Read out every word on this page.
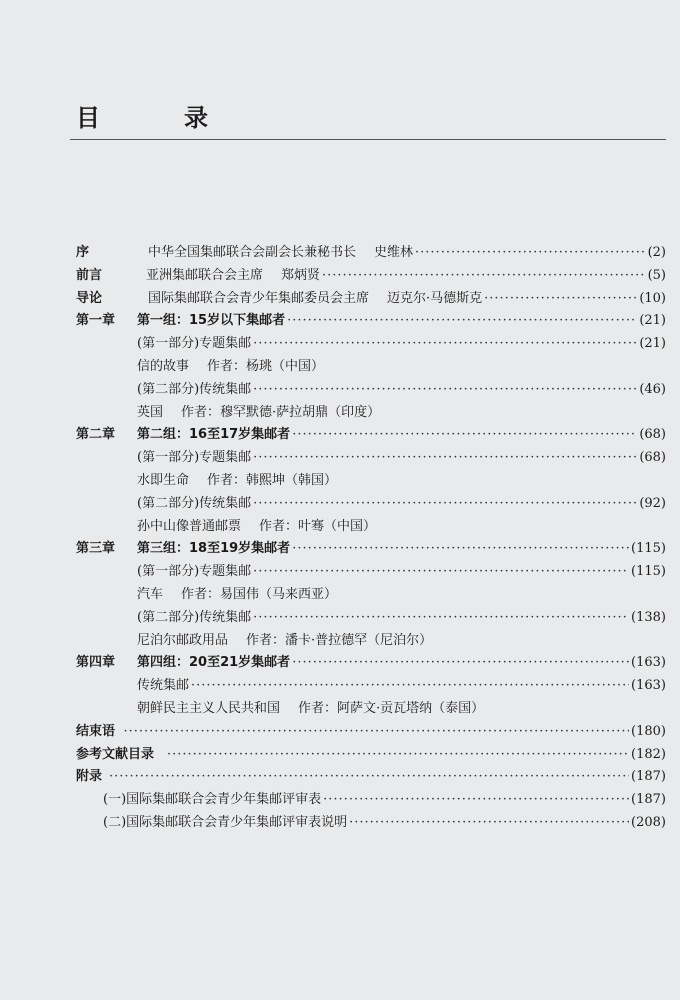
目　录
序	中华全国集邮联合会副会长兼秘书长 史维林 ·····	(2)
前言	亚洲集邮联合会主席 郑炳贤 ·····	(5)
导论	国际集邮联合会青少年集邮委员会主席 迈克尔·马德斯克 ·····	(10)
第一章 第一组：15岁以下集邮者 ·····	(21)
(第一部分)专题集邮 ·····	(21)
信的故事 作者：杨珧（中国）
(第二部分)传统集邮 ·····	(46)
英国 作者：穆罕默德·萨拉胡鼎（印度）
第二章 第二组：16至17岁集邮者 ·····	(68)
(第一部分)专题集邮 ·····	(68)
水即生命 作者：韩熙坤（韩国）
(第二部分)传统集邮 ·····	(92)
孙中山像普通邮票 作者：叶骞（中国）
第三章 第三组：18至19岁集邮者 ·····	(115)
(第一部分)专题集邮 ·····	(115)
汽车 作者：易国伟（马来西亚）
(第二部分)传统集邮 ·····	(138)
尼泊尔邮政用品 作者：潘卡·普拉德罕（尼泊尔）
第四章 第四组：20至21岁集邮者 ·····	(163)
传统集邮 ·····	(163)
朝鲜民主主义人民共和国 作者：阿萨文·贡瓦塔纳（泰国）
结束语 ·····	(180)
参考文献目录 ·····	(182)
附录 ·····	(187)
(一)国际集邮联合会青少年集邮评审表 ·····	(187)
(二)国际集邮联合会青少年集邮评审表说明 ·····	(208)
